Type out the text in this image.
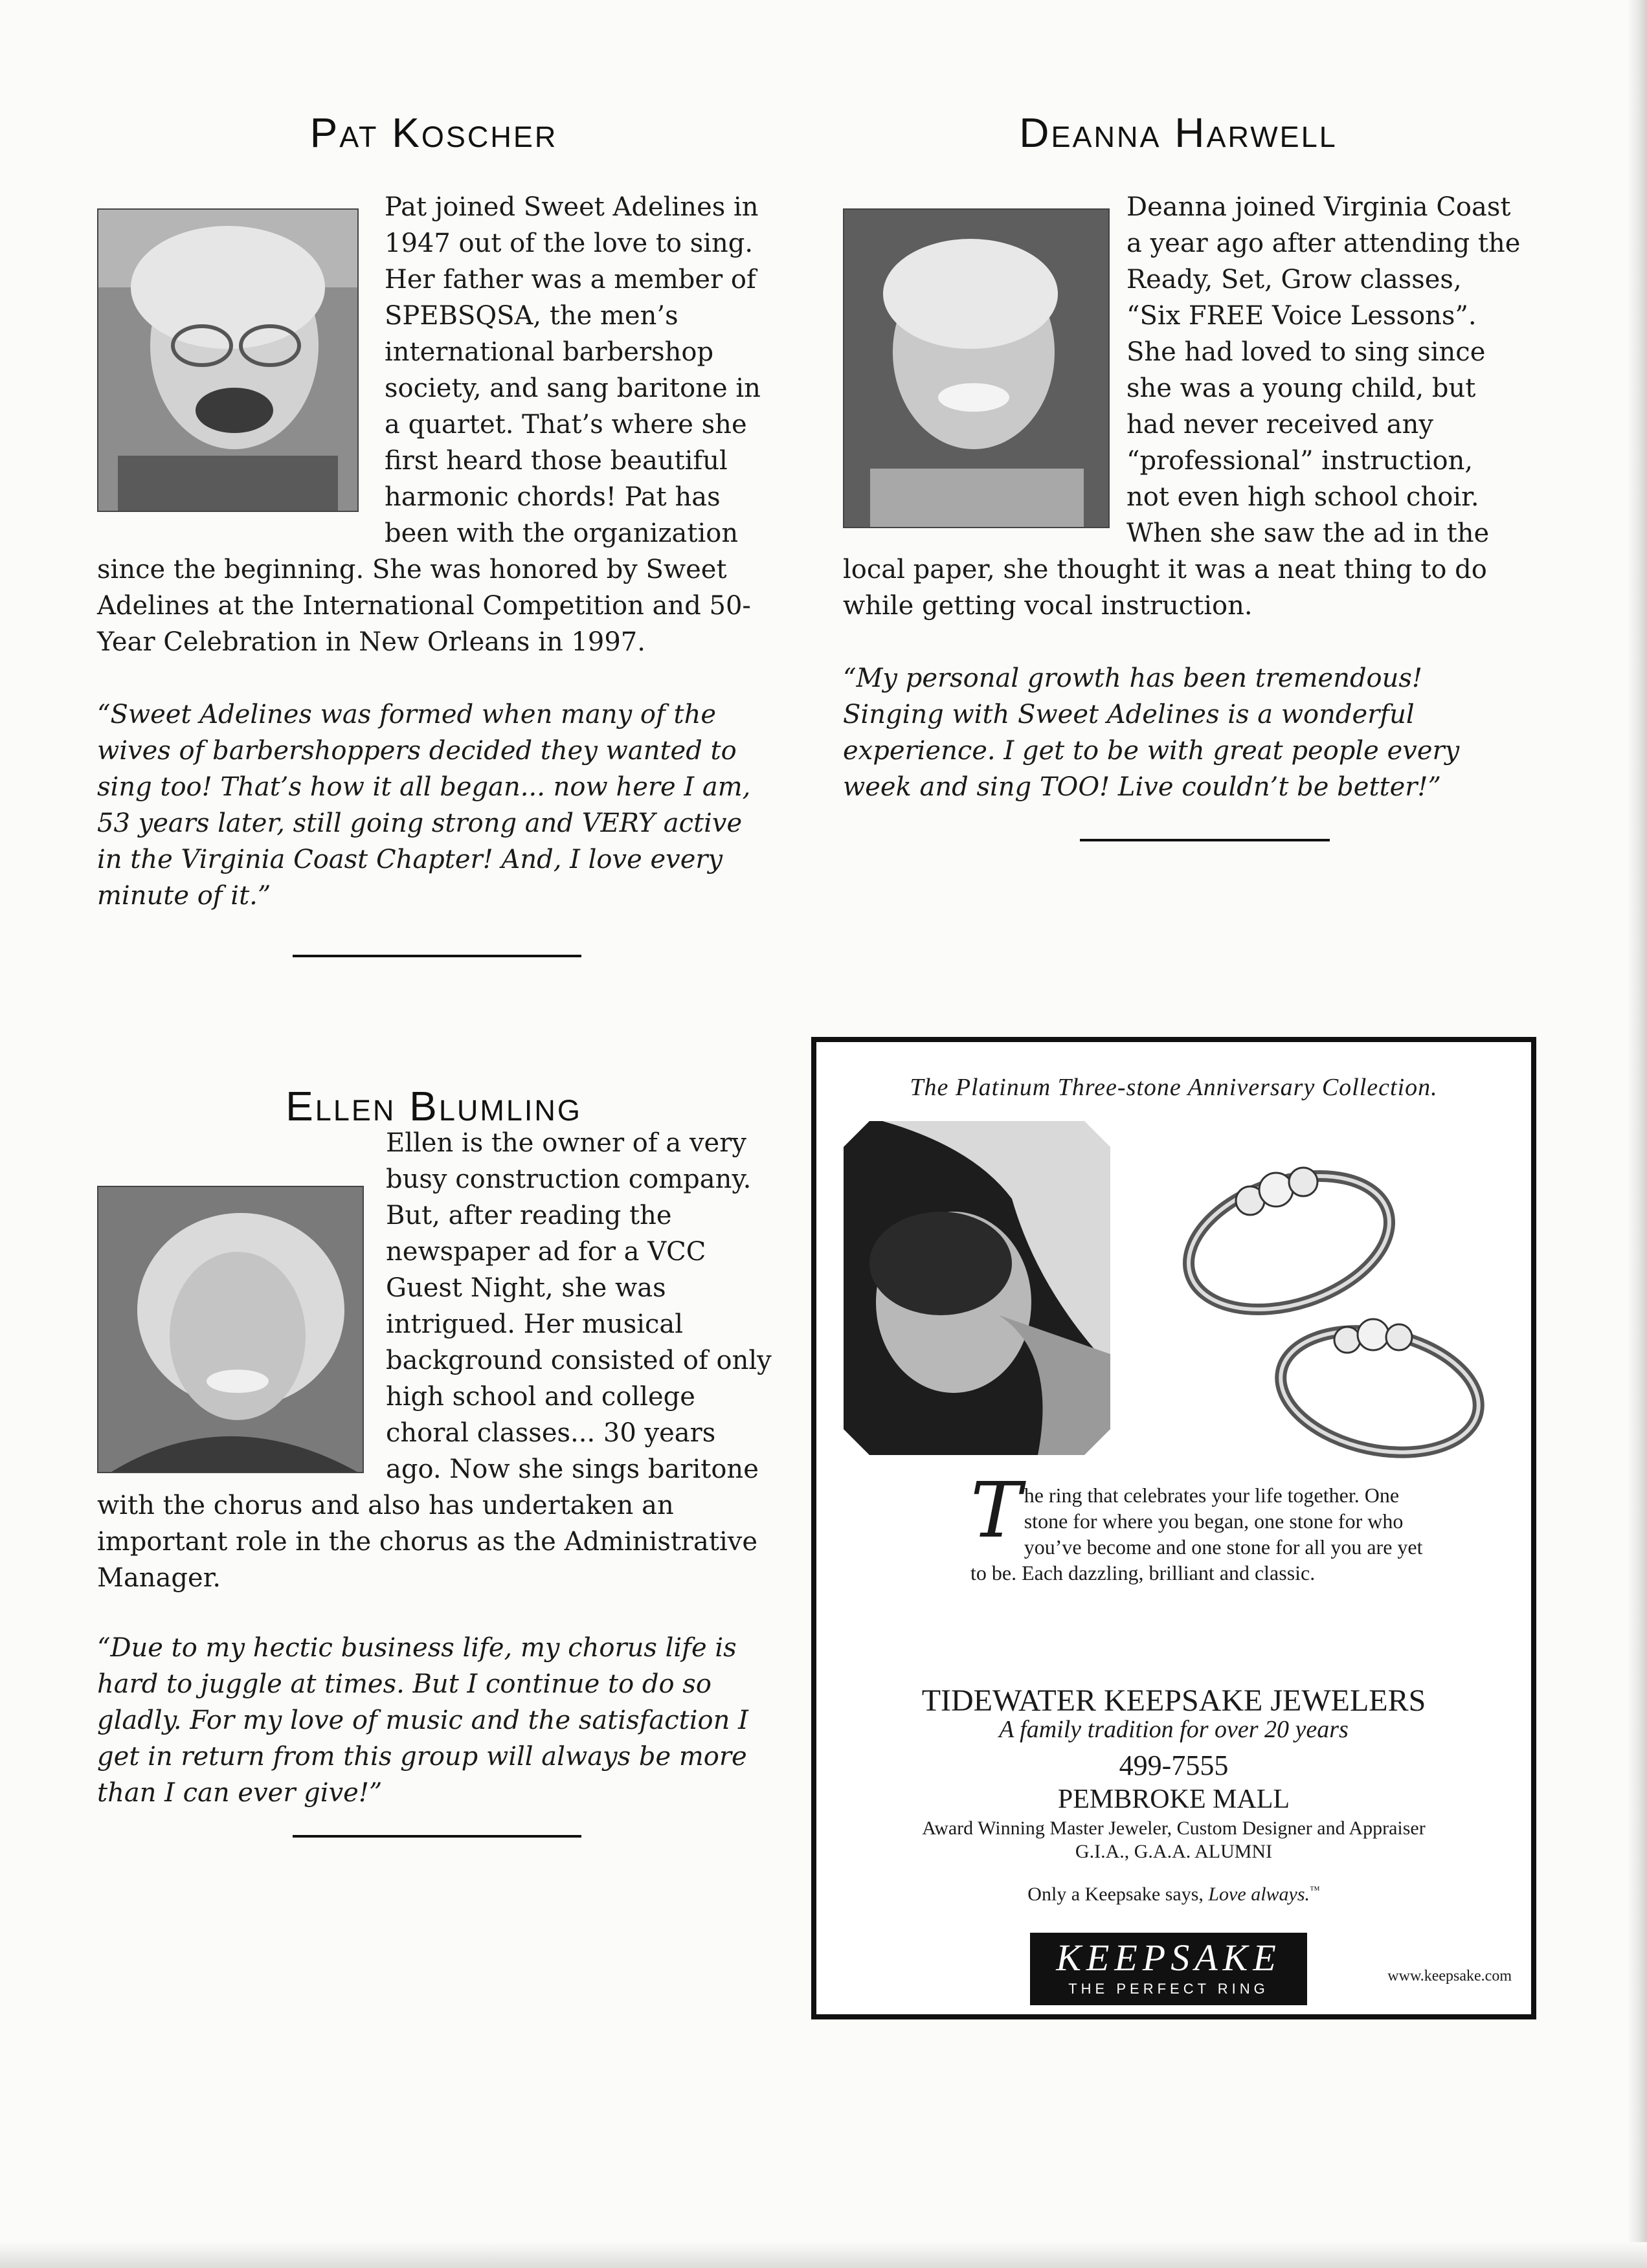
Pat Koscher

Pat joined Sweet Adelines in 1947 out of the love to sing. Her father was a member of SPEBSQSA, the men’s international barbershop society, and sang baritone in a quartet. That’s where she first heard those beautiful harmonic chords! Pat has been with the organization since the beginning. She was honored by Sweet Adelines at the International Competition and 50-Year Celebration in New Orleans in 1997.

“Sweet Adelines was formed when many of the wives of barbershoppers decided they wanted to sing too! That’s how it all began... now here I am, 53 years later, still going strong and VERY active in the Virginia Coast Chapter! And, I love every minute of it.”

Deanna Harwell

Deanna joined Virginia Coast a year ago after attending the Ready, Set, Grow classes, “Six FREE Voice Lessons”. She had loved to sing since she was a young child, but had never received any “professional” instruction, not even high school choir. When she saw the ad in the local paper, she thought it was a neat thing to do while getting vocal instruction.

“My personal growth has been tremendous! Singing with Sweet Adelines is a wonderful experience. I get to be with great people every week and sing TOO! Live couldn’t be better!”

Ellen Blumling

Ellen is the owner of a very busy construction company. But, after reading the newspaper ad for a VCC Guest Night, she was intrigued. Her musical background consisted of only high school and college choral classes... 30 years ago. Now she sings baritone with the chorus and also has undertaken an important role in the chorus as the Administrative Manager.

“Due to my hectic business life, my chorus life is hard to juggle at times. But I continue to do so gladly. For my love of music and the satisfaction I get in return from this group will always be more than I can ever give!”

The Platinum Three-stone Anniversary Collection.
The ring that celebrates your life together. One stone for where you began, one stone for who you’ve become and one stone for all you are yet to be. Each dazzling, brilliant and classic.
TIDEWATER KEEPSAKE JEWELERS
A family tradition for over 20 years
499-7555
PEMBROKE MALL
Award Winning Master Jeweler, Custom Designer and Appraiser
G.I.A., G.A.A. ALUMNI
Only a Keepsake says, Love always.™
KEEPSAKE
THE PERFECT RING
www.keepsake.com
